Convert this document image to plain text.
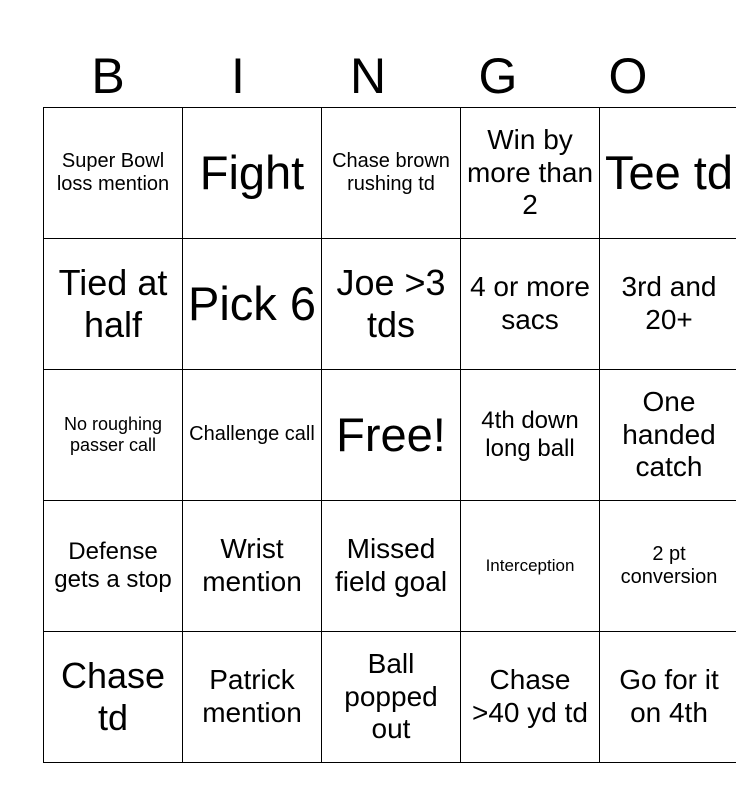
B	I	N	G	O
Super Bowl loss mention	Fight	Chase brown rushing td	Win by more than 2	Tee td
Tied at half	Pick 6	Joe >3 tds	4 or more sacs	3rd and 20+
No roughing passer call	Challenge call	Free!	4th down long ball	One handed catch
Defense gets a stop	Wrist mention	Missed field goal	Interception	2 pt conversion
Chase td	Patrick mention	Ball popped out	Chase >40 yd td	Go for it on 4th
